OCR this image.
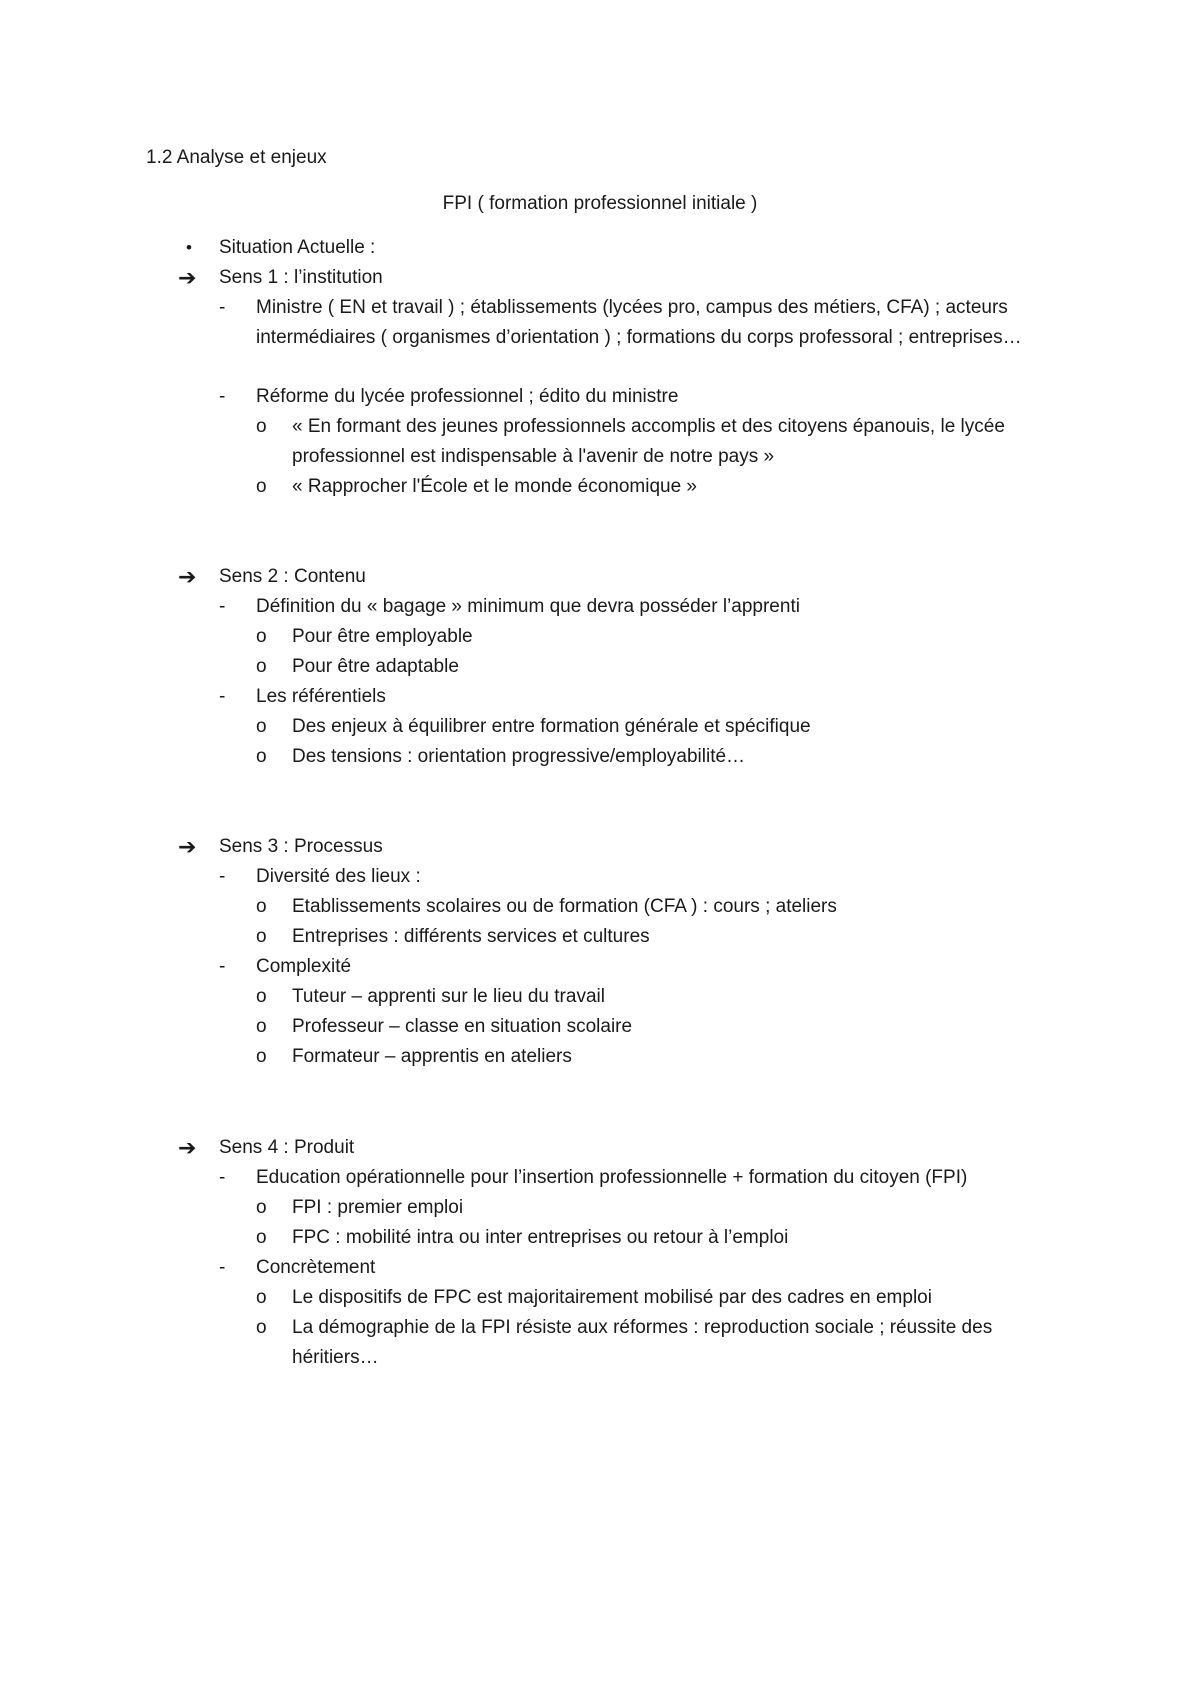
1.2 Analyse et enjeux
FPI ( formation professionnel initiale )
• Situation Actuelle :
➔ Sens 1 : l’institution
- Ministre ( EN et travail ) ; établissements (lycées pro, campus des métiers, CFA) ; acteurs intermédiaires ( organismes d’orientation ) ; formations du corps professoral ; entreprises…
- Réforme du lycée professionnel ; édito du ministre
o « En formant des jeunes professionnels accomplis et des citoyens épanouis, le lycée professionnel est indispensable à l'avenir de notre pays »
o « Rapprocher l'École et le monde économique »
➔ Sens 2 : Contenu
- Définition du « bagage » minimum que devra posséder l’apprenti
o Pour être employable
o Pour être adaptable
- Les référentiels
o Des enjeux à équilibrer entre formation générale et spécifique
o Des tensions : orientation progressive/employabilité…
➔ Sens 3 : Processus
- Diversité des lieux :
o Etablissements scolaires ou de formation (CFA ) : cours ; ateliers
o Entreprises : différents services et cultures
- Complexité
o Tuteur – apprenti sur le lieu du travail
o Professeur – classe en situation scolaire
o Formateur – apprentis en ateliers
➔ Sens 4 : Produit
- Education opérationnelle pour l’insertion professionnelle + formation du citoyen (FPI)
o FPI : premier emploi
o FPC : mobilité intra ou inter entreprises ou retour à l’emploi
- Concrètement
o Le dispositifs de FPC est majoritairement mobilisé par des cadres en emploi
o La démographie de la FPI résiste aux réformes : reproduction sociale ; réussite des héritiers…
